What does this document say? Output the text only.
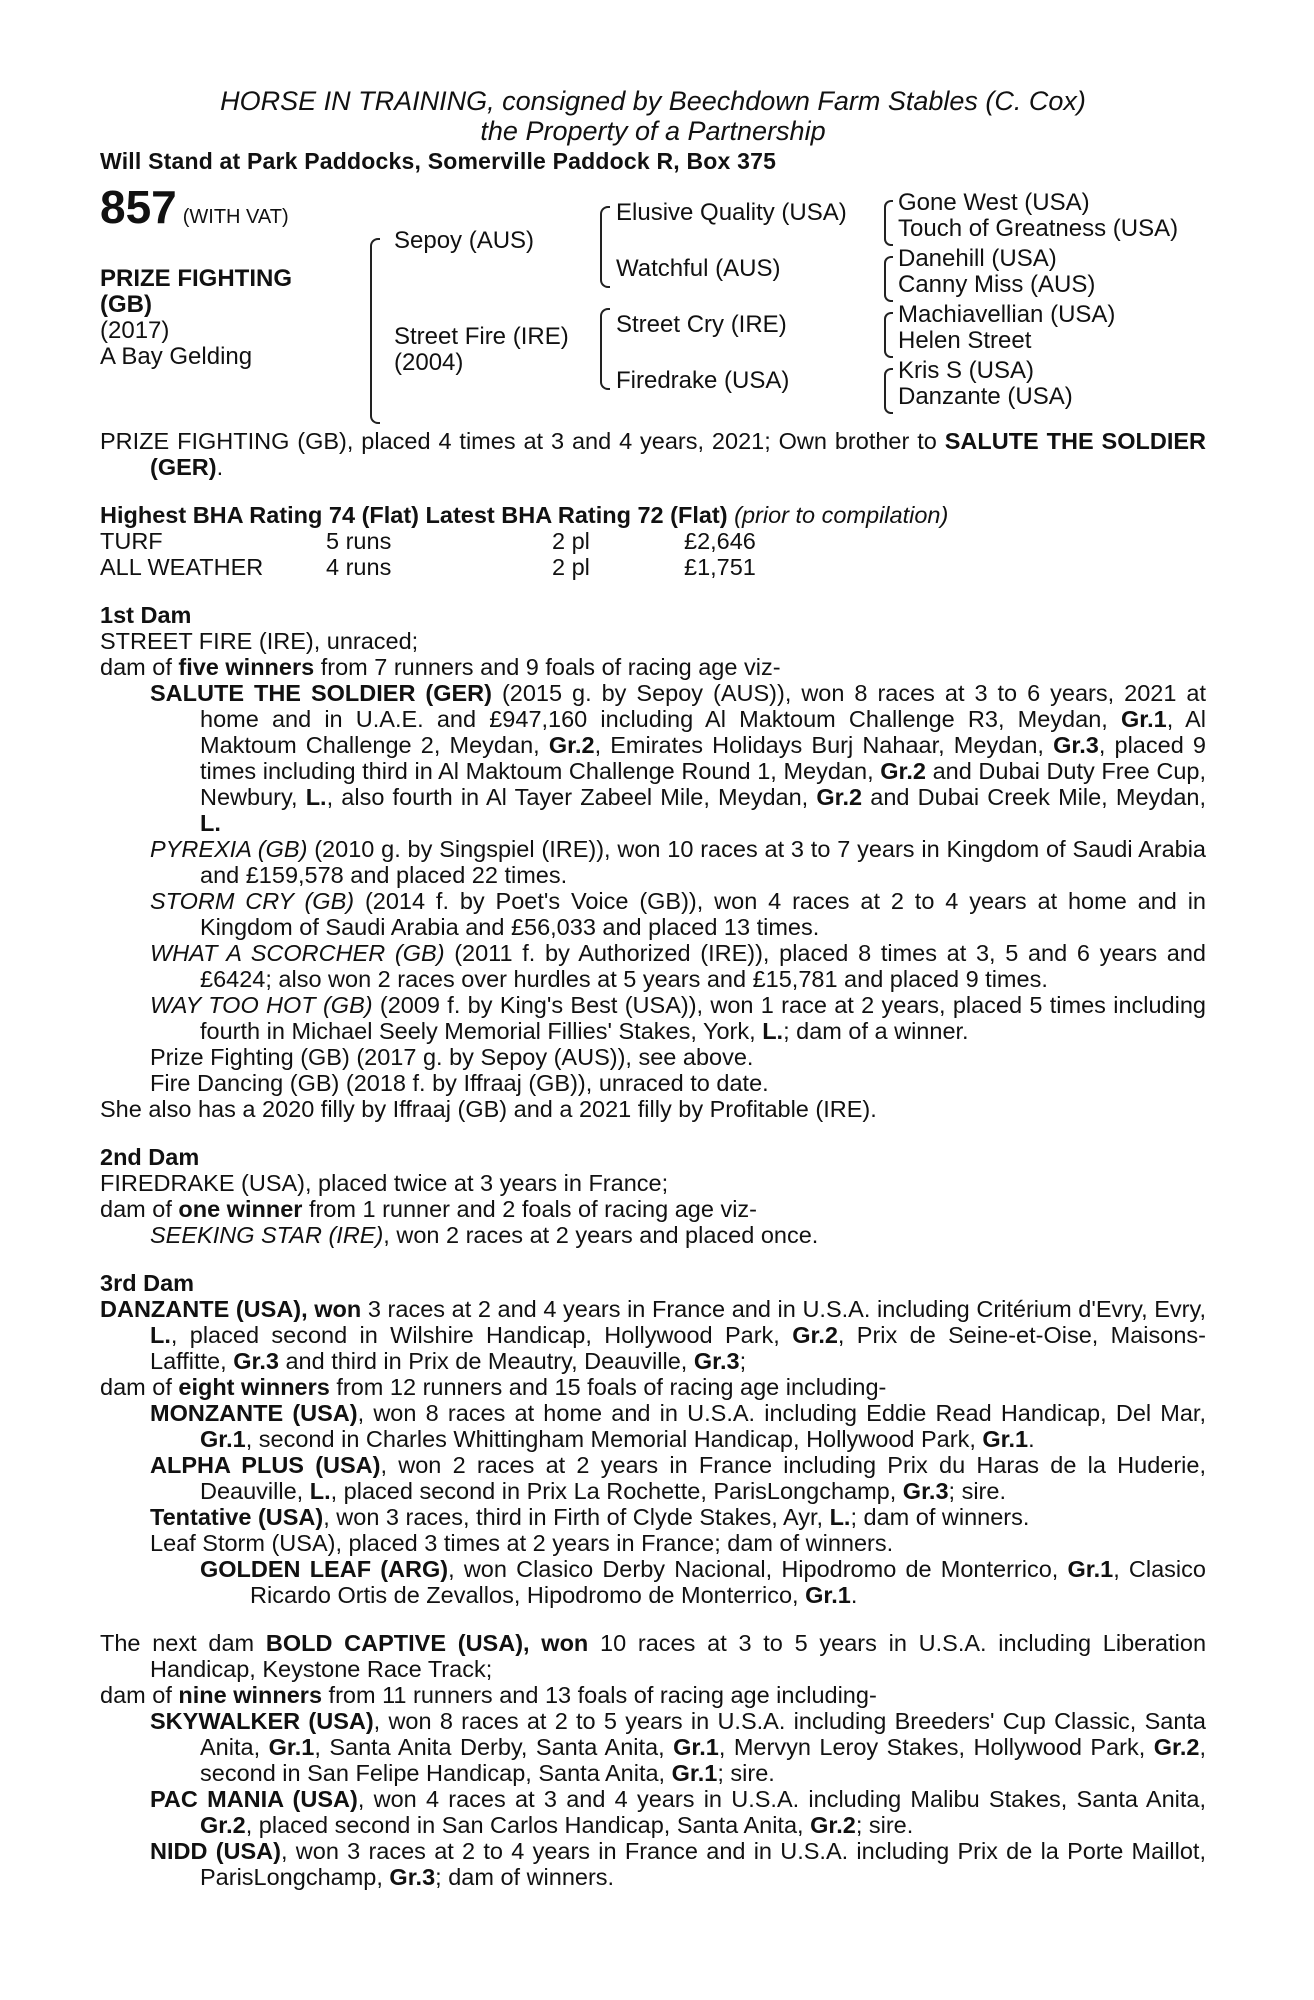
HORSE IN TRAINING, consigned by Beechdown Farm Stables (C. Cox)
the Property of a Partnership
Will Stand at Park Paddocks, Somerville Paddock R, Box 375
857 (WITH VAT)
PRIZE FIGHTING
(GB)
(2017)
A Bay Gelding
Sepoy (AUS)
Street Fire (IRE)
(2004)
Elusive Quality (USA)
Watchful (AUS)
Street Cry (IRE)
Firedrake (USA)
Gone West (USA)
Touch of Greatness (USA)
Danehill (USA)
Canny Miss (AUS)
Machiavellian (USA)
Helen Street
Kris S (USA)
Danzante (USA)
PRIZE FIGHTING (GB), placed 4 times at 3 and 4 years, 2021; Own brother to SALUTE THE SOLDIER (GER).
Highest BHA Rating 74 (Flat) Latest BHA Rating 72 (Flat) (prior to compilation)
TURF	5 runs	2 pl	£2,646
ALL WEATHER	4 runs	2 pl	£1,751
1st Dam
STREET FIRE (IRE), unraced;
dam of five winners from 7 runners and 9 foals of racing age viz-
SALUTE THE SOLDIER (GER) (2015 g. by Sepoy (AUS)), won 8 races at 3 to 6 years, 2021 at home and in U.A.E. and £947,160 including Al Maktoum Challenge R3, Meydan, Gr.1, Al Maktoum Challenge 2, Meydan, Gr.2, Emirates Holidays Burj Nahaar, Meydan, Gr.3, placed 9 times including third in Al Maktoum Challenge Round 1, Meydan, Gr.2 and Dubai Duty Free Cup, Newbury, L., also fourth in Al Tayer Zabeel Mile, Meydan, Gr.2 and Dubai Creek Mile, Meydan, L.
PYREXIA (GB) (2010 g. by Singspiel (IRE)), won 10 races at 3 to 7 years in Kingdom of Saudi Arabia and £159,578 and placed 22 times.
STORM CRY (GB) (2014 f. by Poet's Voice (GB)), won 4 races at 2 to 4 years at home and in Kingdom of Saudi Arabia and £56,033 and placed 13 times.
WHAT A SCORCHER (GB) (2011 f. by Authorized (IRE)), placed 8 times at 3, 5 and 6 years and £6424; also won 2 races over hurdles at 5 years and £15,781 and placed 9 times.
WAY TOO HOT (GB) (2009 f. by King's Best (USA)), won 1 race at 2 years, placed 5 times including fourth in Michael Seely Memorial Fillies' Stakes, York, L.; dam of a winner.
Prize Fighting (GB) (2017 g. by Sepoy (AUS)), see above.
Fire Dancing (GB) (2018 f. by Iffraaj (GB)), unraced to date.
She also has a 2020 filly by Iffraaj (GB) and a 2021 filly by Profitable (IRE).
2nd Dam
FIREDRAKE (USA), placed twice at 3 years in France;
dam of one winner from 1 runner and 2 foals of racing age viz-
SEEKING STAR (IRE), won 2 races at 2 years and placed once.
3rd Dam
DANZANTE (USA), won 3 races at 2 and 4 years in France and in U.S.A. including Critérium d'Evry, Evry, L., placed second in Wilshire Handicap, Hollywood Park, Gr.2, Prix de Seine-et-Oise, Maisons-Laffitte, Gr.3 and third in Prix de Meautry, Deauville, Gr.3;
dam of eight winners from 12 runners and 15 foals of racing age including-
MONZANTE (USA), won 8 races at home and in U.S.A. including Eddie Read Handicap, Del Mar, Gr.1, second in Charles Whittingham Memorial Handicap, Hollywood Park, Gr.1.
ALPHA PLUS (USA), won 2 races at 2 years in France including Prix du Haras de la Huderie, Deauville, L., placed second in Prix La Rochette, ParisLongchamp, Gr.3; sire.
Tentative (USA), won 3 races, third in Firth of Clyde Stakes, Ayr, L.; dam of winners.
Leaf Storm (USA), placed 3 times at 2 years in France; dam of winners.
GOLDEN LEAF (ARG), won Clasico Derby Nacional, Hipodromo de Monterrico, Gr.1, Clasico Ricardo Ortis de Zevallos, Hipodromo de Monterrico, Gr.1.
The next dam BOLD CAPTIVE (USA), won 10 races at 3 to 5 years in U.S.A. including Liberation Handicap, Keystone Race Track;
dam of nine winners from 11 runners and 13 foals of racing age including-
SKYWALKER (USA), won 8 races at 2 to 5 years in U.S.A. including Breeders' Cup Classic, Santa Anita, Gr.1, Santa Anita Derby, Santa Anita, Gr.1, Mervyn Leroy Stakes, Hollywood Park, Gr.2, second in San Felipe Handicap, Santa Anita, Gr.1; sire.
PAC MANIA (USA), won 4 races at 3 and 4 years in U.S.A. including Malibu Stakes, Santa Anita, Gr.2, placed second in San Carlos Handicap, Santa Anita, Gr.2; sire.
NIDD (USA), won 3 races at 2 to 4 years in France and in U.S.A. including Prix de la Porte Maillot, ParisLongchamp, Gr.3; dam of winners.
